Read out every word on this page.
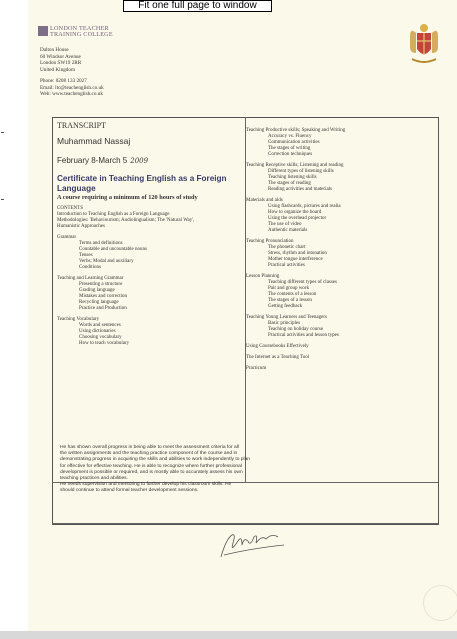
Fit one full page to window
LONDON TEACHER
TRAINING COLLEGE
Dalton House
60 Windsor Avenue
London SW19 2RR
United Kingdom
Phone: 0208 133 2027
Email: ltc@teachenglish.co.uk
Web: www.teachenglish.co.uk
TRANSCRIPT
Muhammad Nassaj
February 8-March 5 2009
Certificate in Teaching English as a Foreign Language
A course requiring a minimum of 120 hours of study
CONTENTS
Introduction to Teaching English as a Foreign Language
Methodologies: 'Behaviourism; Audiolingualism; The 'Natural Way',
Humanistic Approaches
Grammar
Terms and definitions
Countable and uncountable nouns
Tenses
Verbs; Modal and auxiliary
Conditions
Teaching and Learning Grammar
Presenting a structure
Grading language
Mistakes and correction
Recycling language
Practice and Production
Teaching Vocabulary
Words and sentences
Using dictionaries
Choosing vocabulary
How to teach vocabulary
Teaching Productive skills; Speaking and Writing
Accuracy vs. Fluency
Communication activities
The stages of writing
Correction techniques
Teaching Receptive skills; Listening and reading
Different types of listening skills
Teaching listening skills
The stages of reading
Reading activities and materials
Materials and aids
Using flashcards, pictures and realia
How to organize the board
Using the overhead projector
The use of video
Authentic materials
Teaching Pronunciation
The phonetic chart
Stress, rhythm and intonation
Mother tongue interference
Practical activities
Lesson Planning
Teaching different types of classes
Pair and group work
The contents of a lesson
The stages of a lesson
Getting feedback
Teaching Young Learners and Teenagers
Basic principles
Teaching on holiday course
Practical activities and lesson types
Using Coursebooks Effectively
The Internet as a Teaching Tool
Practicum
He has shown overall progress in being able to meet the assessment criteria for all
the written assignments and the teaching practice component of the course and in
demonstrating progress in acquiring the skills and abilities to work independently to plan
for effective for effective teaching. He is able to recognize where further professional
development is possible or required, and is mostly able to accurately assess his own
teaching practices and abilities.
He needs supervision and mentoring to further develop his classroom skills. He
should continue to attend formal teacher development sessions.
